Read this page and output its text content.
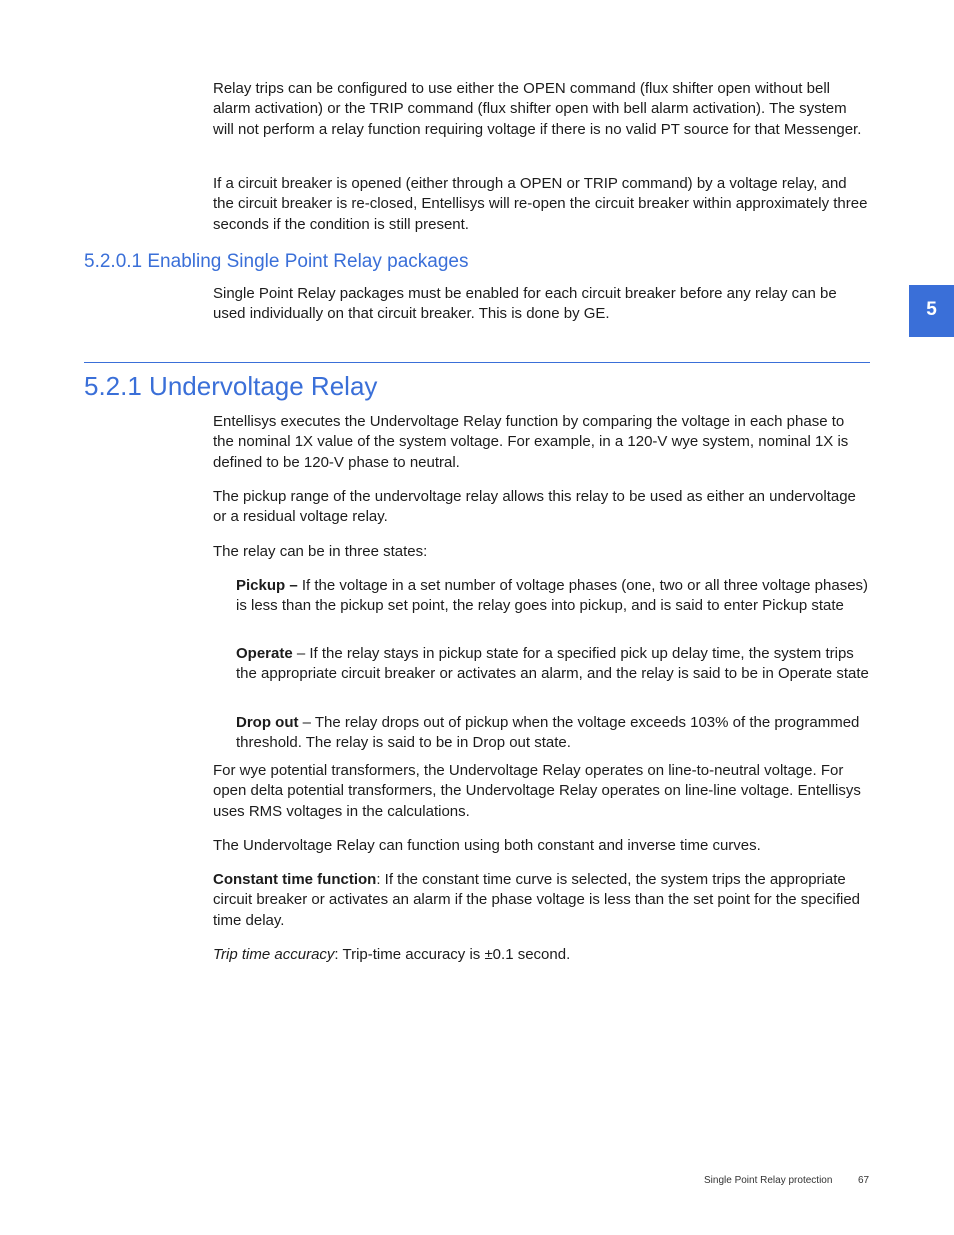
Relay trips can be configured to use either the OPEN command (flux shifter open without bell alarm activation) or the TRIP command (flux shifter open with bell alarm activation). The system will not perform a relay function requiring voltage if there is no valid PT source for that Messenger.

If a circuit breaker is opened (either through a OPEN or TRIP command) by a voltage relay, and the circuit breaker is re-closed, Entellisys will re-open the circuit breaker within approximately three seconds if the condition is still present.

5.2.0.1 Enabling Single Point Relay packages

Single Point Relay packages must be enabled for each circuit breaker before any relay can be used individually on that circuit breaker. This is done by GE.	5
5.2.1 Undervoltage Relay

Entellisys executes the Undervoltage Relay function by comparing the voltage in each phase to the nominal 1X value of the system voltage. For example, in a 120-V wye system, nominal 1X is defined to be 120-V phase to neutral.

The pickup range of the undervoltage relay allows this relay to be used as either an undervoltage or a residual voltage relay.

The relay can be in three states:

Pickup – If the voltage in a set number of voltage phases (one, two or all three voltage phases) is less than the pickup set point, the relay goes into pickup, and is said to enter Pickup state

Operate – If the relay stays in pickup state for a specified pick up delay time, the system trips the appropriate circuit breaker or activates an alarm, and the relay is said to be in Operate state

Drop out – The relay drops out of pickup when the voltage exceeds 103% of the programmed threshold. The relay is said to be in Drop out state.

For wye potential transformers, the Undervoltage Relay operates on line-to-neutral voltage. For open delta potential transformers, the Undervoltage Relay operates on line-line voltage. Entellisys uses RMS voltages in the calculations.

The Undervoltage Relay can function using both constant and inverse time curves.

Constant time function: If the constant time curve is selected, the system trips the appropriate circuit breaker or activates an alarm if the phase voltage is less than the set point for the specified time delay.

Trip time accuracy: Trip-time accuracy is ±0.1 second.

Single Point Relay protection	67
